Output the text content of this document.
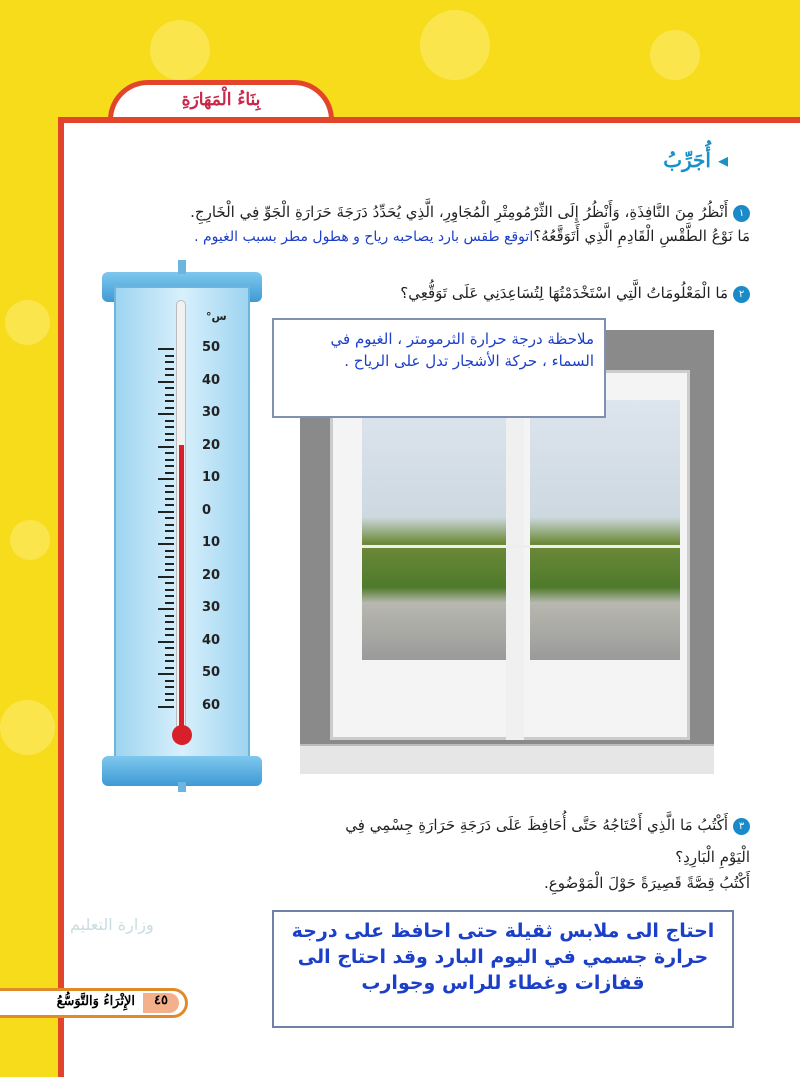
بِنَاءُ الْمَهَارَةِ
◂ أُجَرِّبُ
١أَنْظُرُ مِنَ النَّافِذَةِ، وَأَنْظُرُ إِلَى الثِّرْمُومِتْرِ الْمُجَاوِرِ، الَّذِي يُحَدِّدُ دَرَجَةَ حَرَارَةِ الْجَوِّ فِي الْخَارِجِ.
مَا نَوْعُ الطَّقْسِ الْقَادِمِ الَّذِي أَتَوَقَّعُهُ؟اتوقع طقس بارد يصاحبه رياح و هطول مطر بسبب الغيوم .
٢مَا الْمَعْلُومَاتُ الَّتِي اسْتَخْدَمْتُهَا لِتُسَاعِدَنِي عَلَى تَوَقُّعِي؟
ملاحظة درجة حرارة الثرمومتر ، الغيوم في السماء ، حركة الأشجار تدل على الرياح .
°س
50
40
30
20
10
0
10
20
30
40
50
60
٣أَكْتُبُ مَا الَّذِي أَحْتَاجُهُ حَتَّى أُحَافِظَ عَلَى دَرَجَةِ حَرَارَةِ جِسْمِي فِي
الْيَوْمِ الْبَارِدِ؟
أَكْتُبُ قِصَّةً قَصِيرَةً حَوْلَ الْمَوْضُوعِ.
احتاج الى ملابس ثقيلة حتى احافظ على درجة حرارة جسمي في اليوم البارد وقد احتاج الى قفازات وغطاء للراس وجوارب
وزارة التعليم
الإِثْرَاءُ وَالتَّوَسُّعُ	٤٥
